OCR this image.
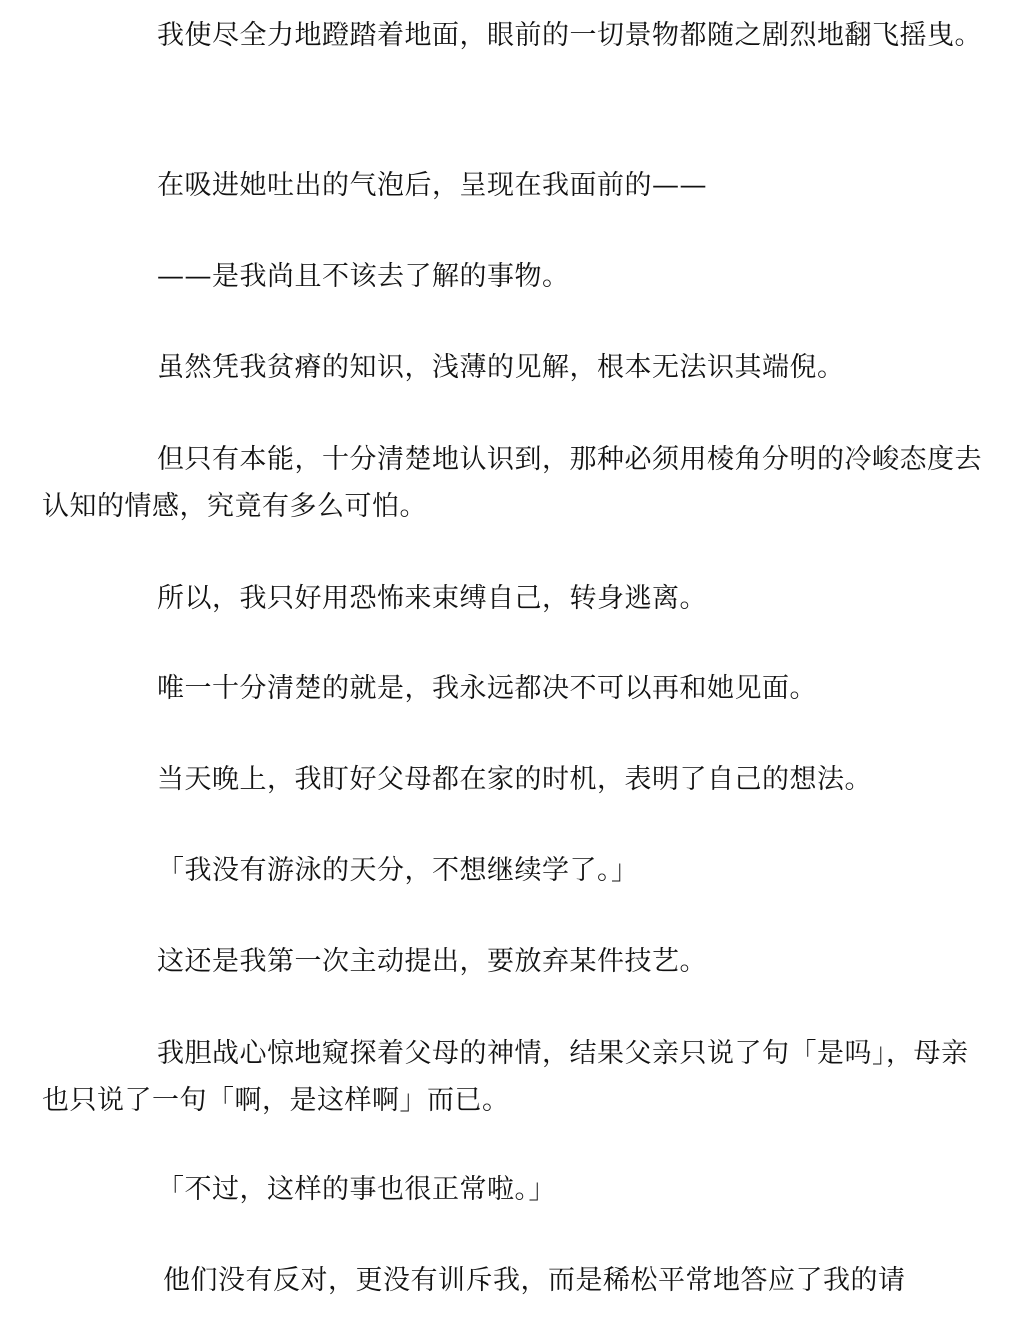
我使尽全力地蹬踏着地面，眼前的一切景物都随之剧烈地翻飞摇曳。

在吸进她吐出的气泡后，呈现在我面前的——

——是我尚且不该去了解的事物。

虽然凭我贫瘠的知识，浅薄的见解，根本无法识其端倪。

但只有本能，十分清楚地认识到，那种必须用棱角分明的冷峻态度去认知的情感，究竟有多么可怕。

所以，我只好用恐怖来束缚自己，转身逃离。

唯一十分清楚的就是，我永远都决不可以再和她见面。

当天晚上，我盯好父母都在家的时机，表明了自己的想法。

「我没有游泳的天分，不想继续学了。」

这还是我第一次主动提出，要放弃某件技艺。

我胆战心惊地窥探着父母的神情，结果父亲只说了句「是吗」，母亲也只说了一句「啊，是这样啊」而已。

「不过，这样的事也很正常啦。」

他们没有反对，更没有训斥我，而是稀松平常地答应了我的请
